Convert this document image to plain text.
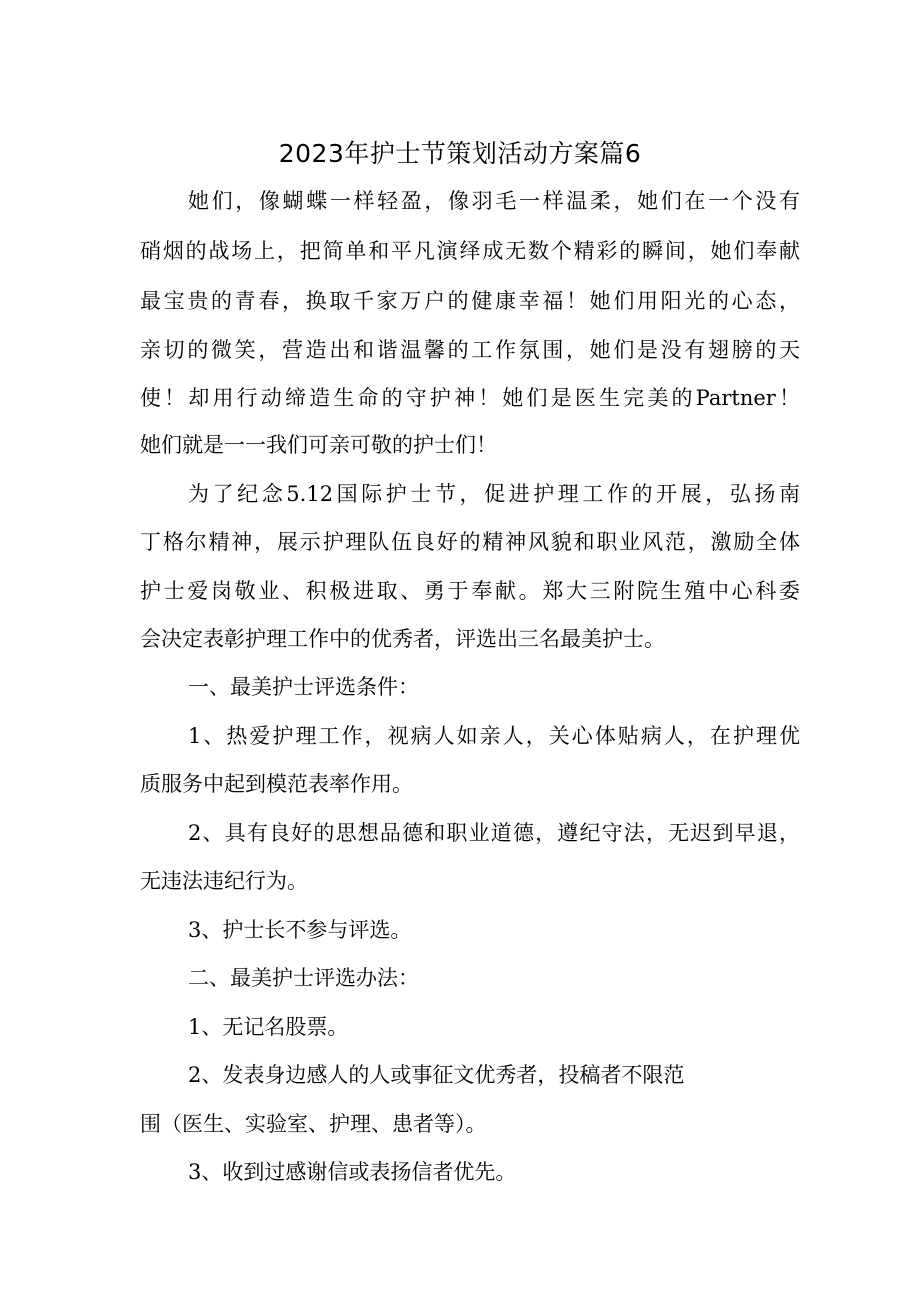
2023年护士节策划活动方案篇6
她们，像蝴蝶一样轻盈，像羽毛一样温柔，她们在一个没有
硝烟的战场上，把简单和平凡演绎成无数个精彩的瞬间，她们奉献
最宝贵的青春，换取千家万户的健康幸福！她们用阳光的心态，
亲切的微笑，营造出和谐温馨的工作氛围，她们是没有翅膀的天
使！却用行动缔造生命的守护神！她们是医生完美的Partner！
她们就是一一我们可亲可敬的护士们！
为了纪念5.12国际护士节，促进护理工作的开展，弘扬南
丁格尔精神，展示护理队伍良好的精神风貌和职业风范，激励全体
护士爱岗敬业、积极进取、勇于奉献。郑大三附院生殖中心科委
会决定表彰护理工作中的优秀者，评选出三名最美护士。
一、最美护士评选条件：
1、热爱护理工作，视病人如亲人，关心体贴病人，在护理优
质服务中起到模范表率作用。
2、具有良好的思想品德和职业道德，遵纪守法，无迟到早退，
无违法违纪行为。
3、护士长不参与评选。
二、最美护士评选办法：
1、无记名股票。
2、发表身边感人的人或事征文优秀者，投稿者不限范
围（医生、实验室、护理、患者等）。
3、收到过感谢信或表扬信者优先。
